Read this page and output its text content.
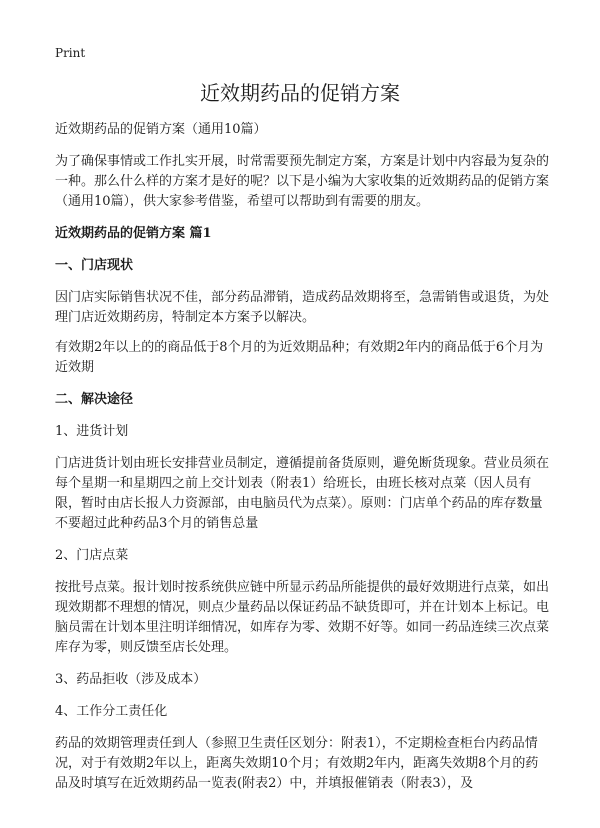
Print
近效期药品的促销方案

近效期药品的促销方案（通用10篇）

为了确保事情或工作扎实开展，时常需要预先制定方案，方案是计划中内容最为复杂的一种。那么什么样的方案才是好的呢？以下是小编为大家收集的近效期药品的促销方案（通用10篇），供大家参考借鉴，希望可以帮助到有需要的朋友。

近效期药品的促销方案 篇1

一、门店现状

因门店实际销售状况不佳，部分药品滞销，造成药品效期将至，急需销售或退货，为处理门店近效期药房，特制定本方案予以解决。

有效期2年以上的的商品低于8个月的为近效期品种；有效期2年内的商品低于6个月为近效期

二、解决途径

1、进货计划

门店进货计划由班长安排营业员制定，遵循提前备货原则，避免断货现象。营业员须在每个星期一和星期四之前上交计划表（附表1）给班长，由班长核对点菜（因人员有限，暂时由店长报人力资源部，由电脑员代为点菜）。原则：门店单个药品的库存数量不要超过此种药品3个月的销售总量

2、门店点菜

按批号点菜。报计划时按系统供应链中所显示药品所能提供的最好效期进行点菜，如出现效期都不理想的情况，则点少量药品以保证药品不缺货即可，并在计划本上标记。电脑员需在计划本里注明详细情况，如库存为零、效期不好等。如同一药品连续三次点菜库存为零，则反馈至店长处理。

3、药品拒收（涉及成本）

4、工作分工责任化

药品的效期管理责任到人（参照卫生责任区划分：附表1），不定期检查柜台内药品情况，对于有效期2年以上，距离失效期10个月；有效期2年内，距离失效期8个月的药品及时填写在近效期药品一览表(附表2）中，并填报催销表（附表3），及
